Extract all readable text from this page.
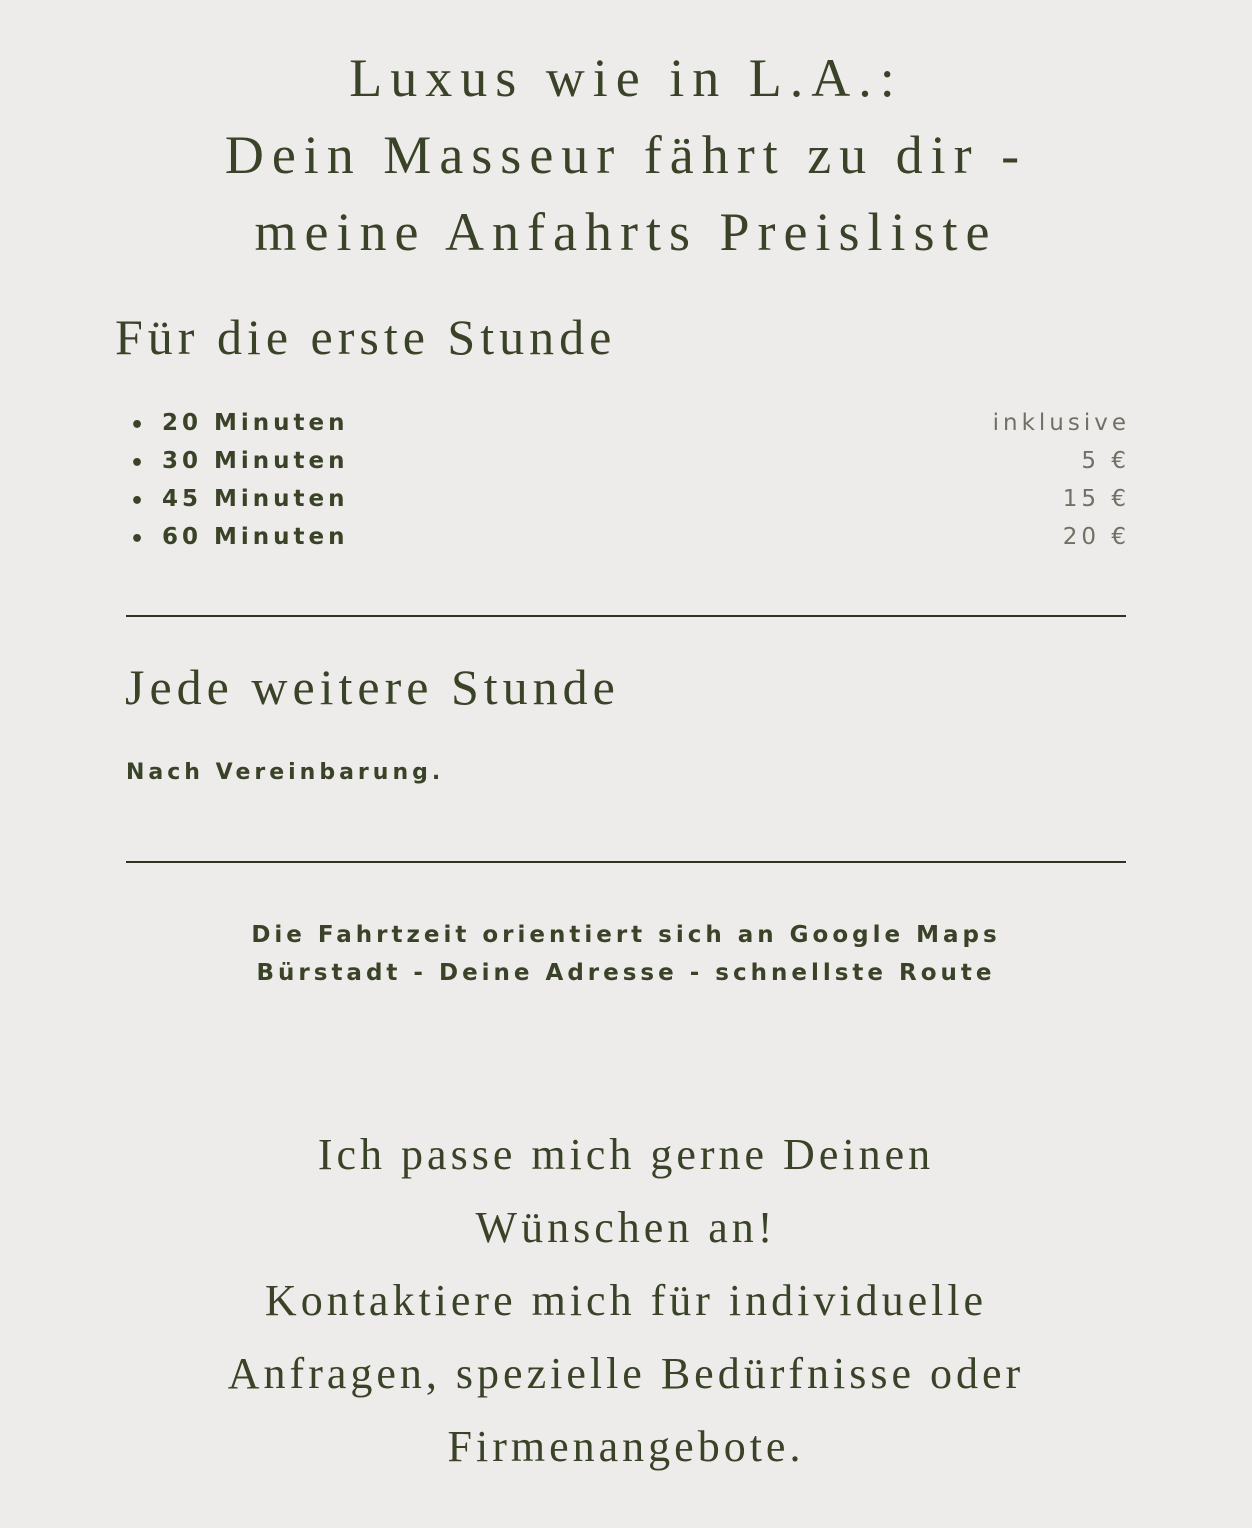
Luxus wie in L.A.:
Dein Masseur fährt zu dir -
meine Anfahrts Preisliste
Für die erste Stunde
• 20 Minuten	inklusive
• 30 Minuten	5 €
• 45 Minuten	15 €
• 60 Minuten	20 €
Jede weitere Stunde
Nach Vereinbarung.
Die Fahrtzeit orientiert sich an Google Maps
Bürstadt - Deine Adresse - schnellste Route
Ich passe mich gerne Deinen
Wünschen an!
Kontaktiere mich für individuelle
Anfragen, spezielle Bedürfnisse oder
Firmenangebote.
